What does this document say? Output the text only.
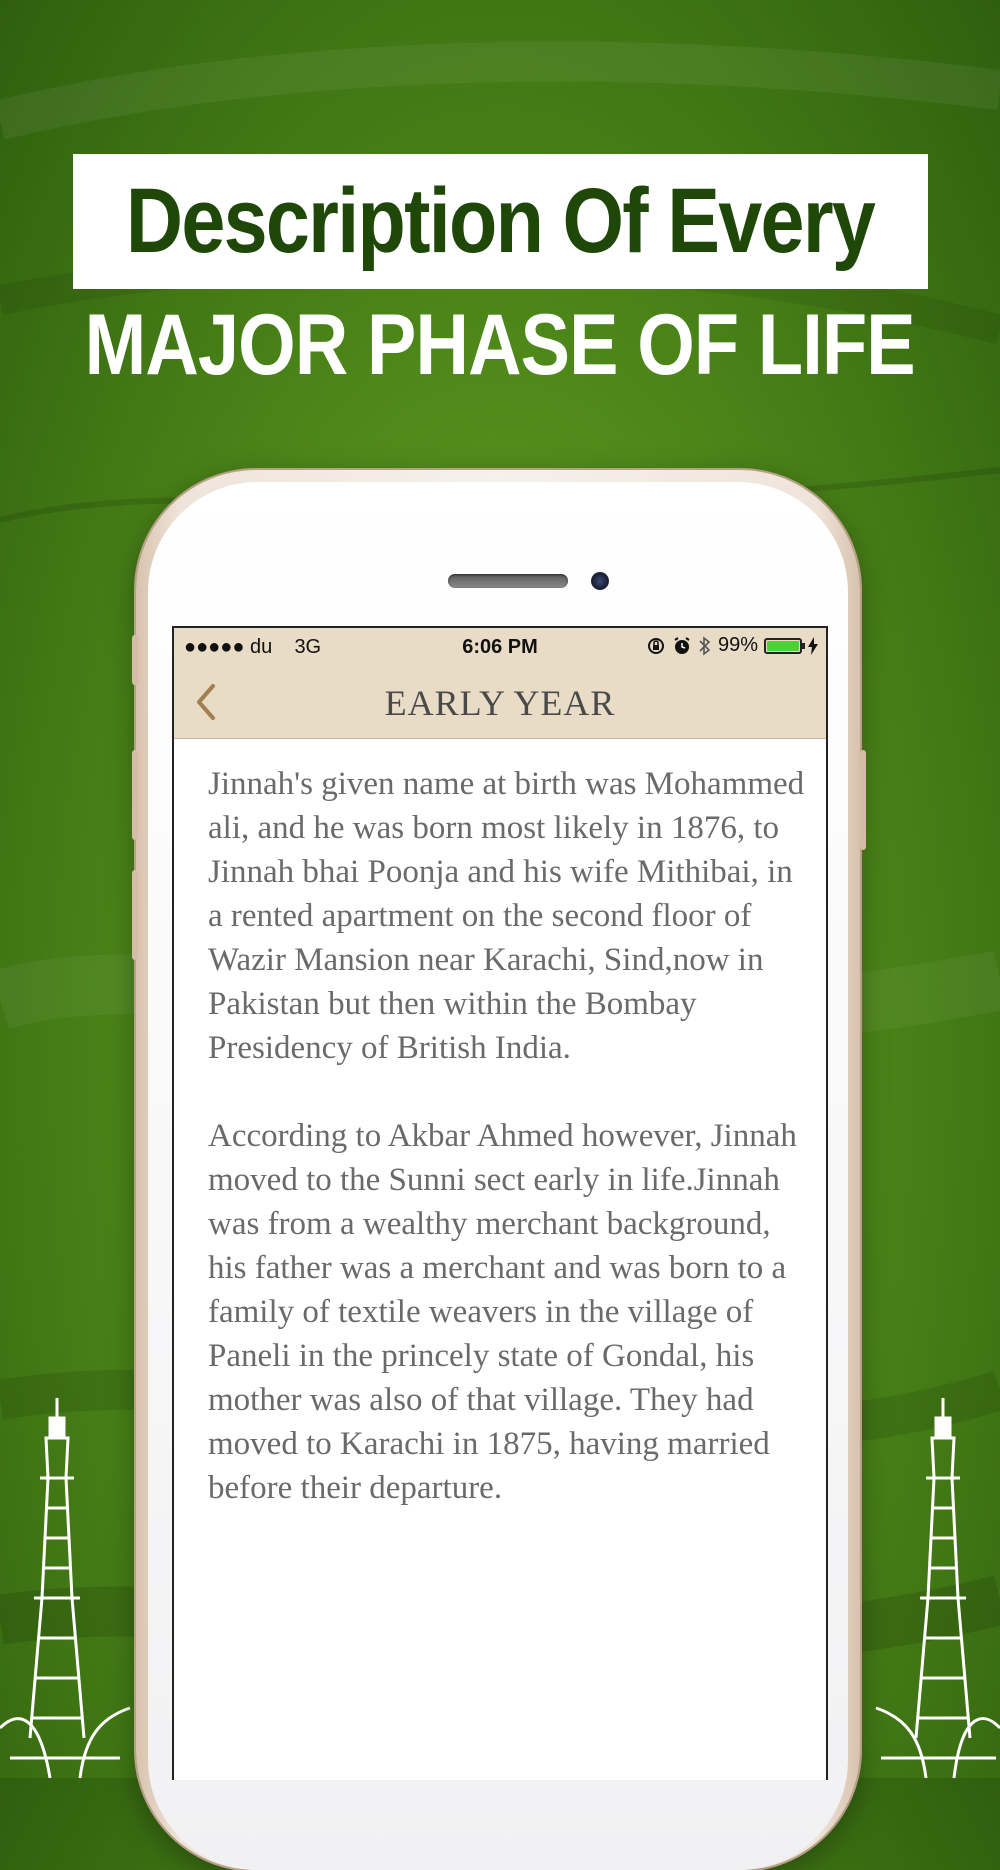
Description Of Every
MAJOR PHASE OF LIFE
●●●●● du 3G	6:06 PM	99%
EARLY YEAR

Jinnah's given name at birth was Mohammed ali, and he was born most likely in 1876, to Jinnah bhai Poonja and his wife Mithibai, in a rented apartment on the second floor of Wazir Mansion near Karachi, Sind,now in Pakistan but then within the Bombay Presidency of British India.

According to Akbar Ahmed however, Jinnah moved to the Sunni sect early in life.Jinnah was from a wealthy merchant background, his father was a merchant and was born to a family of textile weavers in the village of Paneli in the princely state of Gondal, his mother was also of that village. They had moved to Karachi in 1875, having married before their departure.
